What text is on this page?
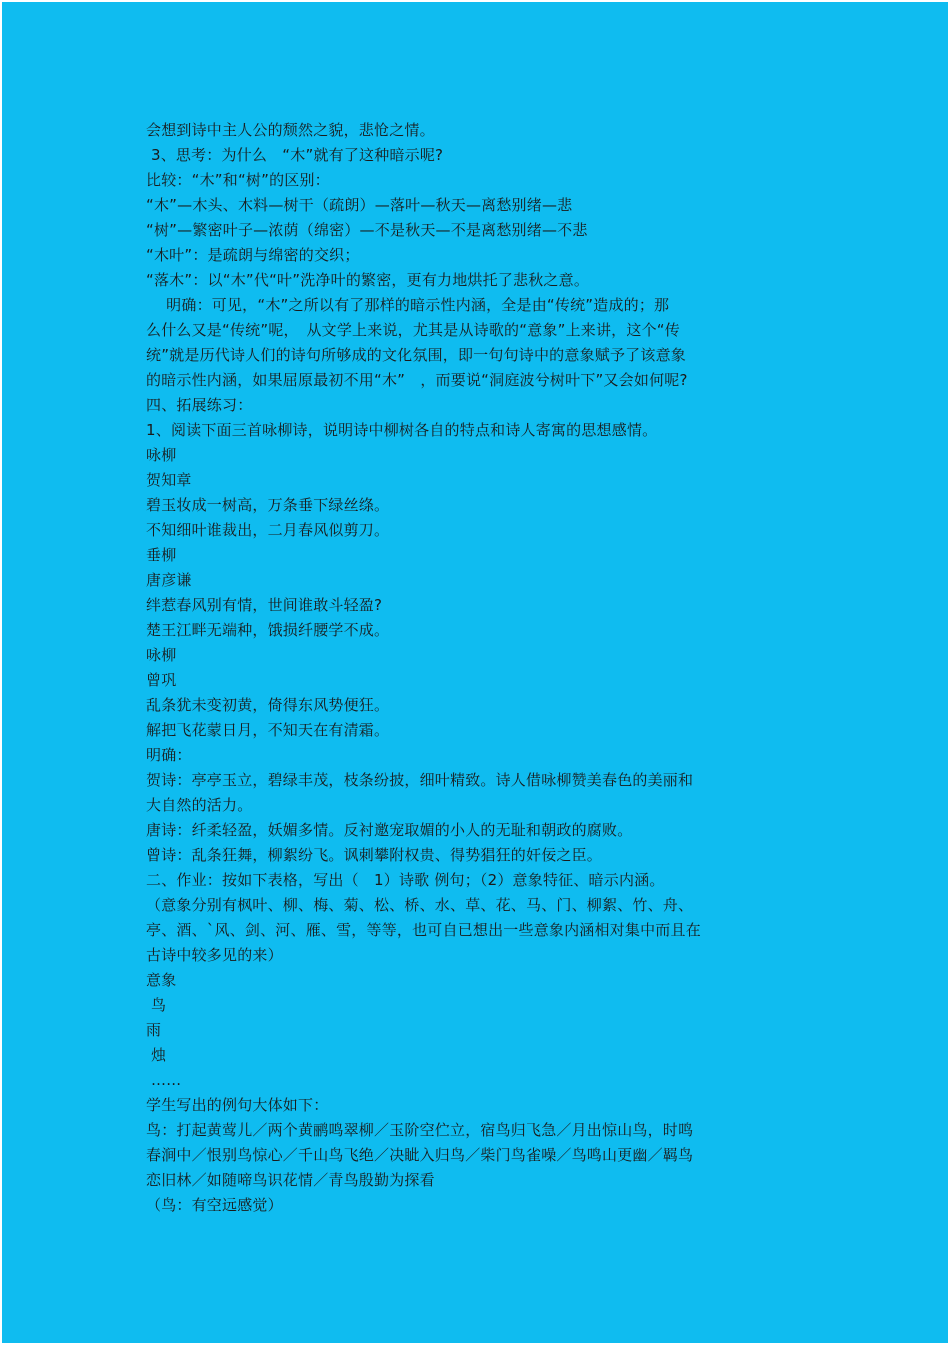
会想到诗中主人公的颓然之貌，悲怆之情。
3、思考：为什么　“木”就有了这种暗示呢?
比较：“木”和“树”的区别：
“木”—木头、木料—树干（疏朗）—落叶—秋天—离愁别绪—悲
“树”—繁密叶子—浓荫（绵密）—不是秋天—不是离愁别绪—不悲
“木叶”：是疏朗与绵密的交织；
“落木”：以“木”代“叶”洗净叶的繁密，更有力地烘托了悲秋之意。
　 明确：可见，“木”之所以有了那样的暗示性内涵，全是由“传统”造成的；那
么什么又是“传统”呢，　从文学上来说，尤其是从诗歌的“意象”上来讲，这个“传
统”就是历代诗人们的诗句所够成的文化氛围，即一句句诗中的意象赋予了该意象
的暗示性内涵，如果屈原最初不用“木”　，而要说“洞庭波兮树叶下”又会如何呢?
四、拓展练习：
1、阅读下面三首咏柳诗，说明诗中柳树各自的特点和诗人寄寓的思想感情。
咏柳
贺知章
碧玉妆成一树高，万条垂下绿丝绦。
不知细叶谁裁出，二月春风似剪刀。
垂柳
唐彦谦
绊惹春风别有情，世间谁敢斗轻盈?
楚王江畔无端种，饿损纤腰学不成。
咏柳
曾巩
乱条犹未变初黄，倚得东风势便狂。
解把飞花蒙日月，不知天在有清霜。
明确：
贺诗：亭亭玉立，碧绿丰茂，枝条纷披，细叶精致。诗人借咏柳赞美春色的美丽和
大自然的活力。
唐诗：纤柔轻盈，妖媚多情。反衬邀宠取媚的小人的无耻和朝政的腐败。
曾诗：乱条狂舞，柳絮纷飞。讽刺攀附权贵、得势猖狂的奸佞之臣。
二、作业：按如下表格，写出（　1）诗歌 例句；（2）意象特征、暗示内涵。
（意象分别有枫叶、柳、梅、菊、松、桥、水、草、花、马、门、柳絮、竹、舟、
亭、酒、`风、剑、河、雁、雪，等等，也可自已想出一些意象内涵相对集中而且在
古诗中较多见的来）
意象
鸟
雨
烛
……
学生写出的例句大体如下：
鸟：打起黄莺儿／两个黄鹂鸣翠柳／玉阶空伫立，宿鸟归飞急／月出惊山鸟，时鸣
春涧中／恨别鸟惊心／千山鸟飞绝／决眦入归鸟／柴门鸟雀噪／鸟鸣山更幽／羁鸟
恋旧林／如随啼鸟识花情／青鸟殷勤为探看
（鸟：有空远感觉）
